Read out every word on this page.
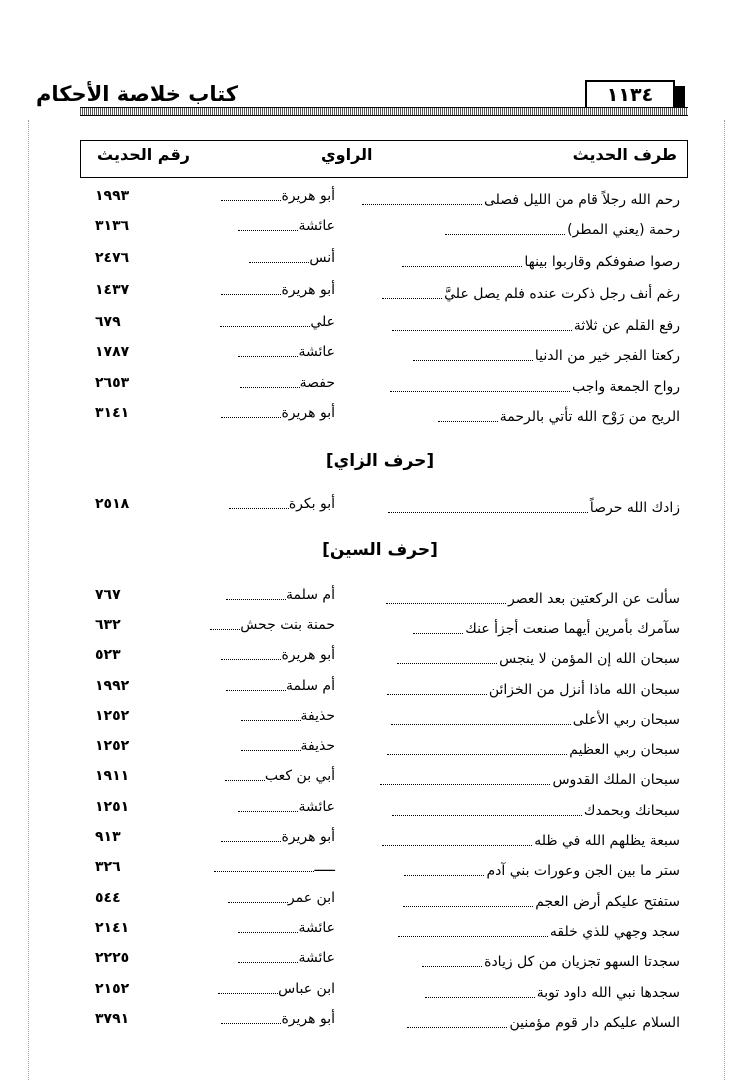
كتاب خلاصة الأحكام	١١٣٤
طرف الحديث
الراوي
رقم الحديث
رحم الله رجلاً قام من الليل فصلى
أبو هريرة
١٩٩٣
رحمة (يعني المطر)
عائشة
٣١٣٦
رصوا صفوفكم وقاربوا بينها
أنس
٢٤٧٦
رغم أنف رجل ذكرت عنده فلم يصل عليَّ
أبو هريرة
١٤٣٧
رفع القلم عن ثلاثة
علي
٦٧٩
ركعتا الفجر خير من الدنيا
عائشة
١٧٨٧
رواح الجمعة واجب
حفصة
٢٦٥٣
الريح من رَوْح الله تأتي بالرحمة
أبو هريرة
٣١٤١
[حرف الزاي]
زادك الله حرصاً
أبو بكرة
٢٥١٨
[حرف السين]
سألت عن الركعتين بعد العصر
أم سلمة
٧٦٧
سآمرك بأمرين أيهما صنعت أجزأ عنك
حمنة بنت جحش
٦٣٢
سبحان الله إن المؤمن لا ينجس
أبو هريرة
٥٢٣
سبحان الله ماذا أنزل من الخزائن
أم سلمة
١٩٩٢
سبحان ربي الأعلى
حذيفة
١٢٥٢
سبحان ربي العظيم
حذيفة
١٢٥٢
سبحان الملك القدوس
أبي بن كعب
١٩١١
سبحانك وبحمدك
عائشة
١٢٥١
سبعة يظلهم الله في ظله
أبو هريرة
٩١٣
ستر ما بين الجن وعورات بني آدم
ـــــ
٣٢٦
ستفتح عليكم أرض العجم
ابن عمر
٥٤٤
سجد وجهي للذي خلقه
عائشة
٢١٤١
سجدتا السهو تجزيان من كل زيادة
عائشة
٢٢٢٥
سجدها نبي الله داود توبة
ابن عباس
٢١٥٢
السلام عليكم دار قوم مؤمنين
أبو هريرة
٣٧٩١
